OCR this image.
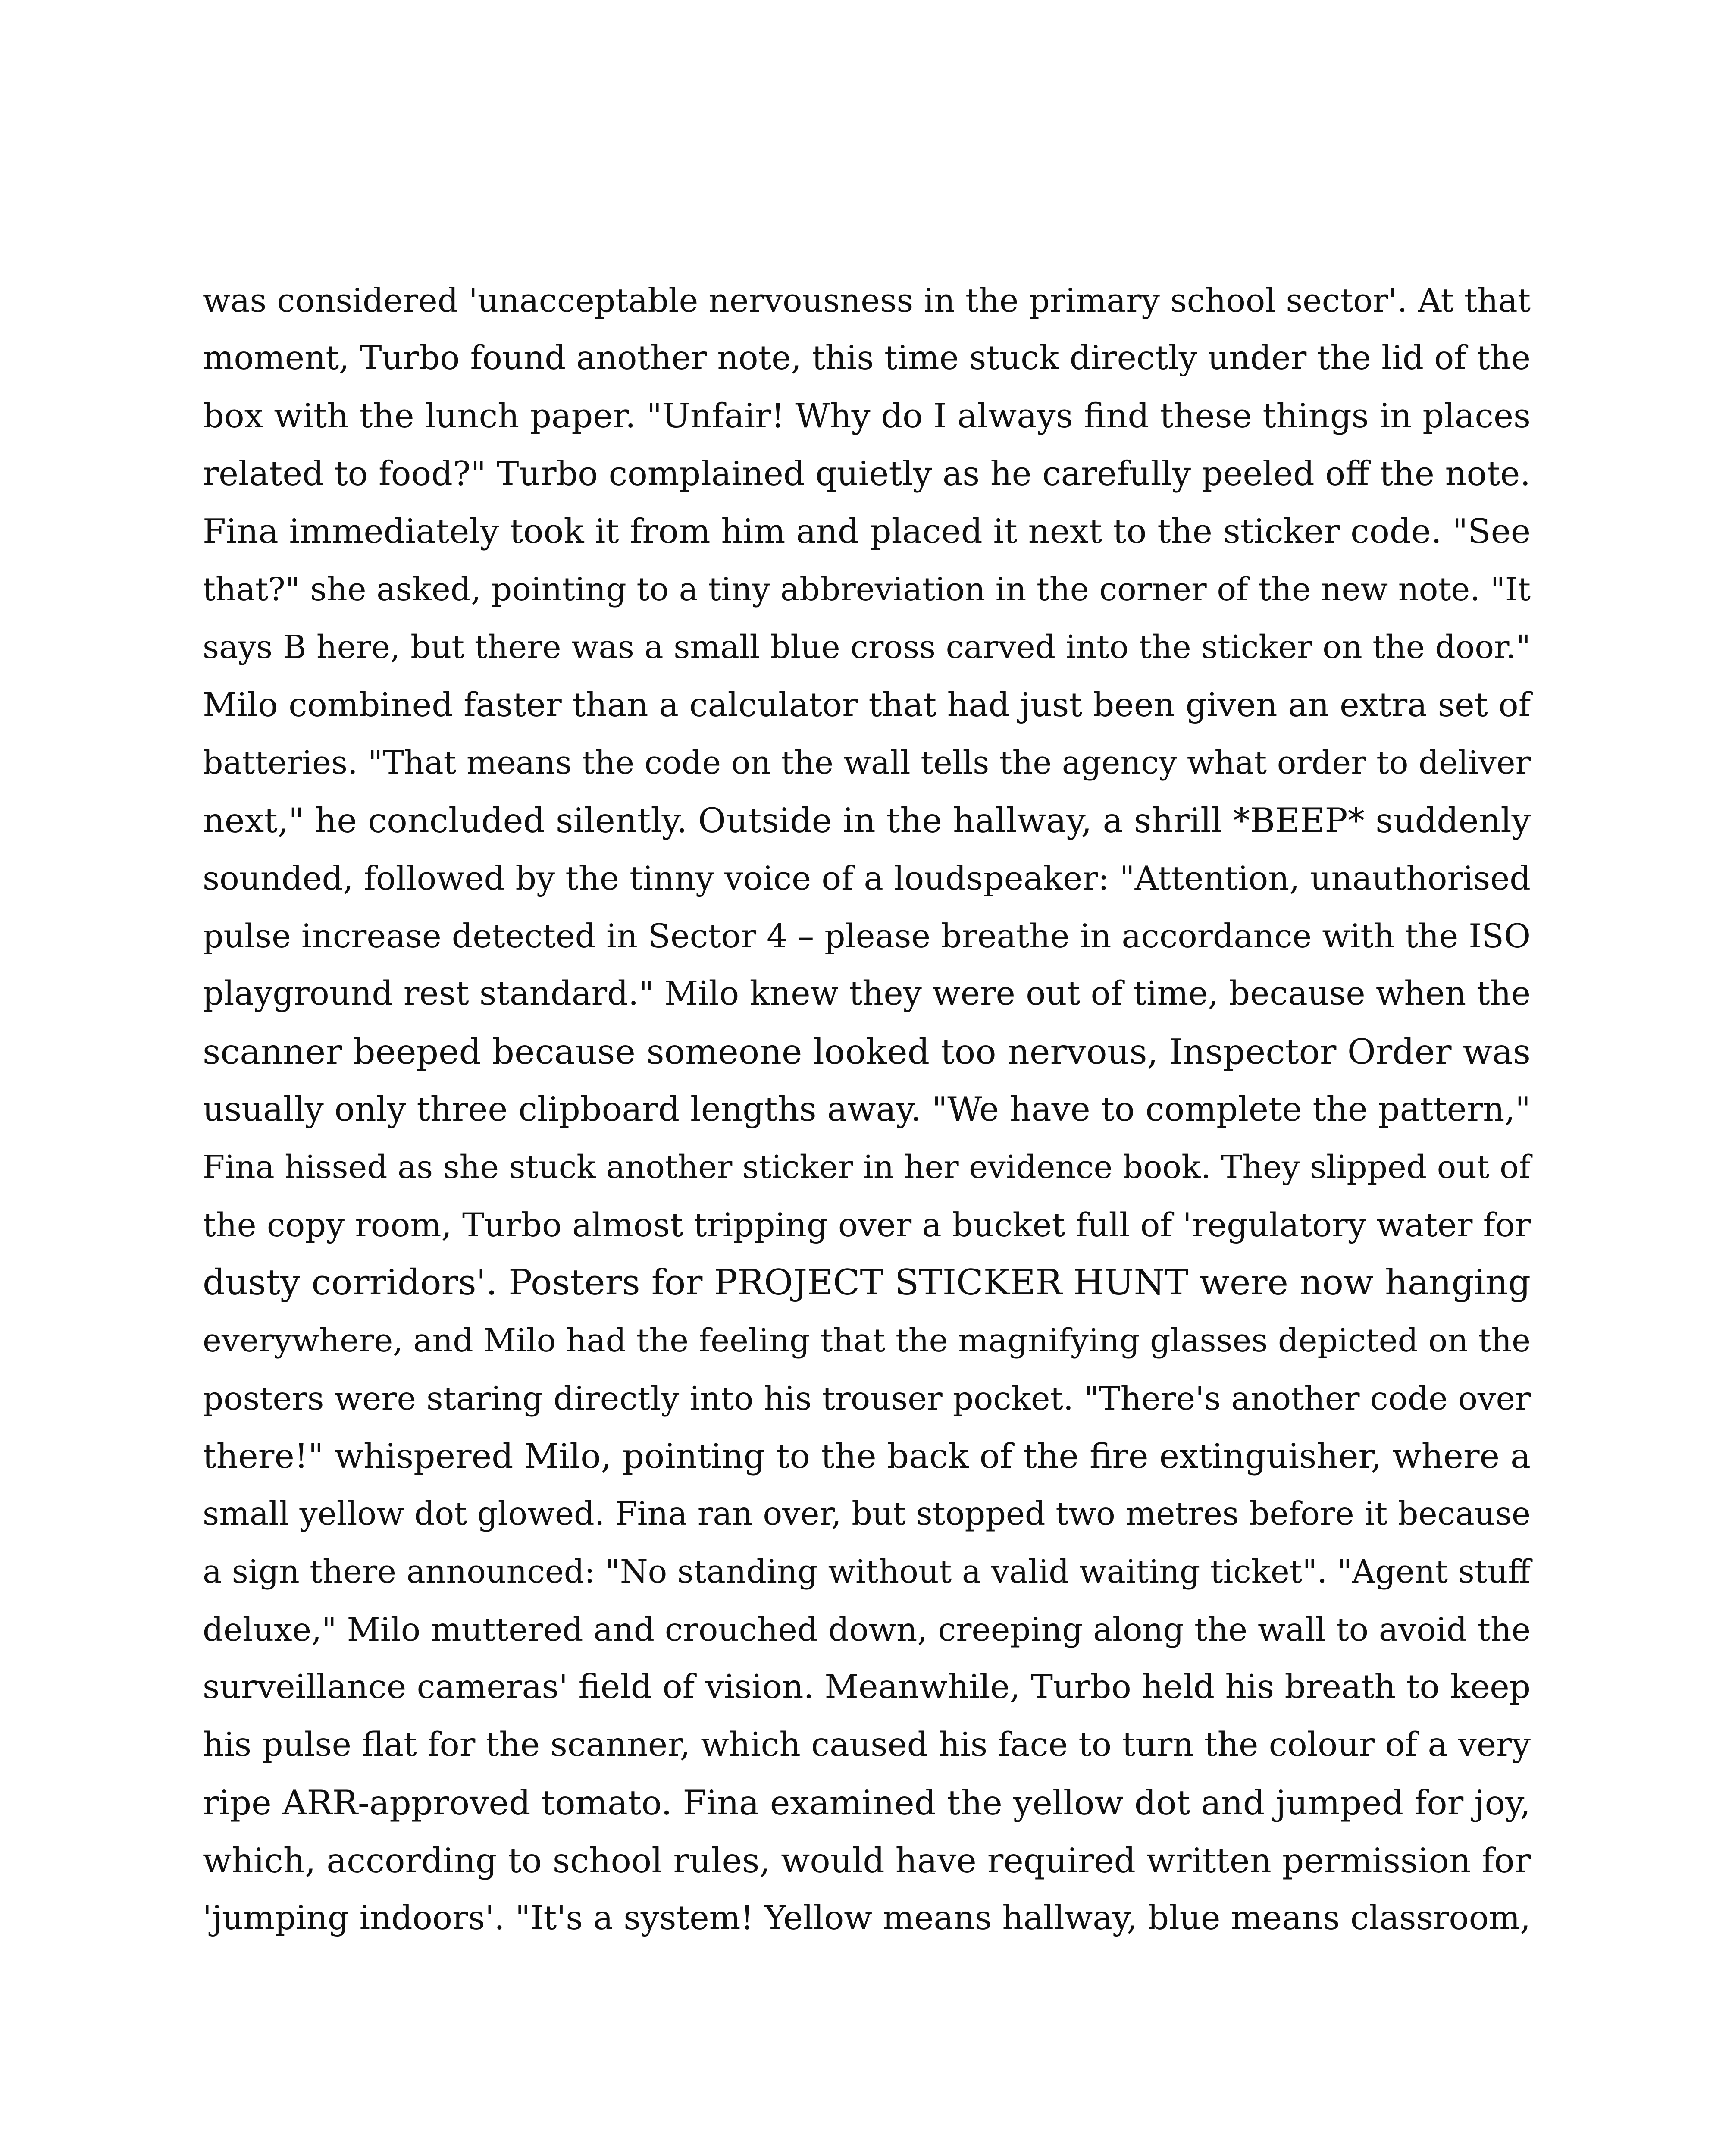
was considered 'unacceptable nervousness in the primary school sector'. At that
moment, Turbo found another note, this time stuck directly under the lid of the
box with the lunch paper. "Unfair! Why do I always find these things in places
related to food?" Turbo complained quietly as he carefully peeled off the note.
Fina immediately took it from him and placed it next to the sticker code. "See
that?" she asked, pointing to a tiny abbreviation in the corner of the new note. "It
says B here, but there was a small blue cross carved into the sticker on the door."
Milo combined faster than a calculator that had just been given an extra set of
batteries. "That means the code on the wall tells the agency what order to deliver
next," he concluded silently. Outside in the hallway, a shrill *BEEP* suddenly
sounded, followed by the tinny voice of a loudspeaker: "Attention, unauthorised
pulse increase detected in Sector 4 – please breathe in accordance with the ISO
playground rest standard." Milo knew they were out of time, because when the
scanner beeped because someone looked too nervous, Inspector Order was
usually only three clipboard lengths away. "We have to complete the pattern,"
Fina hissed as she stuck another sticker in her evidence book. They slipped out of
the copy room, Turbo almost tripping over a bucket full of 'regulatory water for
dusty corridors'. Posters for PROJECT STICKER HUNT were now hanging
everywhere, and Milo had the feeling that the magnifying glasses depicted on the
posters were staring directly into his trouser pocket. "There's another code over
there!" whispered Milo, pointing to the back of the fire extinguisher, where a
small yellow dot glowed. Fina ran over, but stopped two metres before it because
a sign there announced: "No standing without a valid waiting ticket". "Agent stuff
deluxe," Milo muttered and crouched down, creeping along the wall to avoid the
surveillance cameras' field of vision. Meanwhile, Turbo held his breath to keep
his pulse flat for the scanner, which caused his face to turn the colour of a very
ripe ARR-approved tomato. Fina examined the yellow dot and jumped for joy,
which, according to school rules, would have required written permission for
'jumping indoors'. "It's a system! Yellow means hallway, blue means classroom,
